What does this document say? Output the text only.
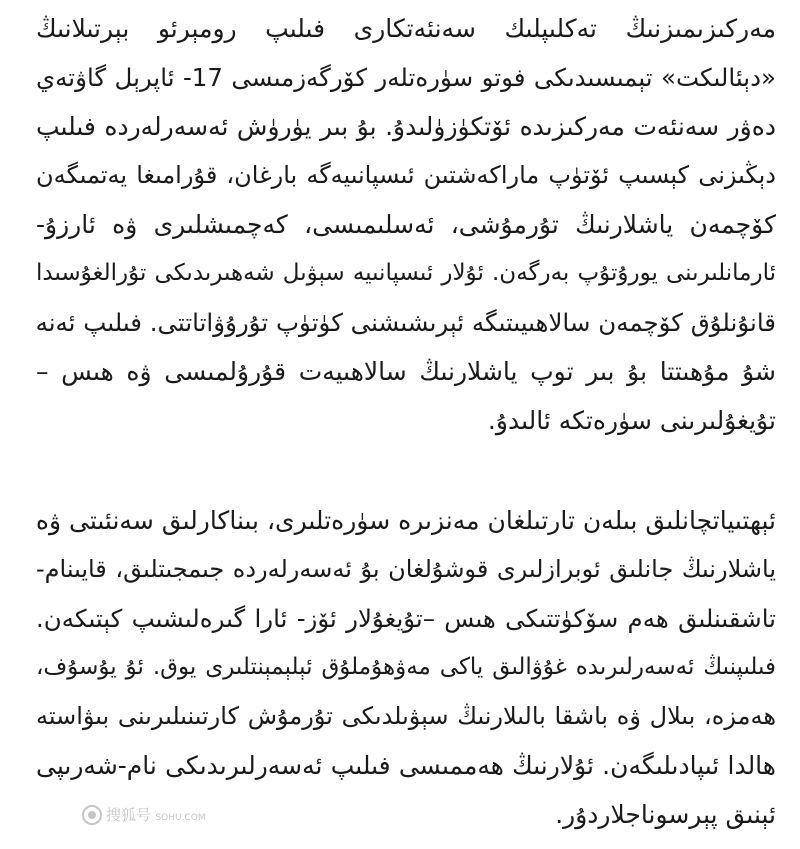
مەركىزىمىزنىڭ تەكلىپلىك سەنئەتكارى فىلىپ رومېرئو بېرتىلانىڭ
«دېئالىكت» تېمىسىدىكى فوتو سۈرەتلەر كۆرگەزمىسى 17- ئاپرېل گاۋتەي
دەۋر سەنئەت مەركىزىدە ئۆتكۈزۈلىدۇ. بۇ بىر يۈرۈش ئەسەرلەردە فىلىپ
دېڭىزنى كېسىپ ئۆتۈپ ماراكەشتىن ئىسپانىيەگە بارغان، قۇرامىغا يەتمىگەن
كۆچمەن ياشلارنىڭ تۇرمۇشى، ئەسلىمىسى، كەچمىشلىرى ۋە ئارزۇ-
ئارمانلىرىنى يورۇتۇپ بەرگەن. ئۇلار ئىسپانىيە سېۋىل شەھىرىدىكى تۇرالغۇسىدا
قانۇنلۇق كۆچمەن سالاھىيىتىگە ئېرىشىشنى كۈتۈپ تۇرۇۋاتاتتى. فىلىپ ئەنە
شۇ مۇھىتتا بۇ بىر توپ ياشلارنىڭ سالاھىيەت قۇرۇلمىسى ۋە ھىس –
تۇيغۇلىرىنى سۈرەتكە ئالىدۇ.
ئېھتىياتچانلىق بىلەن تارتىلغان مەنزىرە سۈرەتلىرى، بىناكارلىق سەنئىتى ۋە
ياشلارنىڭ جانلىق ئوبرازلىرى قوشۇلغان بۇ ئەسەرلەردە جىمجىتلىق، قايىنام-
تاشقىنلىق ھەم سۆكۈتتىكى ھىس –تۇيغۇلار ئۆز- ئارا گىرەلىشىپ كېتىكەن.
فىلىپنىڭ ئەسەرلىرىدە غۇۋالىق ياكى مەۋھۇملۇق ئېلېمېنتلىرى يوق. ئۇ يۇسۇف،
ھەمزە، بىلال ۋە باشقا بالىلارنىڭ سېۋىلدىكى تۇرمۇش كارتىنىلىرىنى بىۋاستە
ھالدا ئىپادىلىگەن. ئۇلارنىڭ ھەممىسى فىلىپ ئەسەرلىرىدىكى نام-شەرىپى
ئېنىق پېرسوناجلاردۇر.
搜狐号 SOHU.COM
